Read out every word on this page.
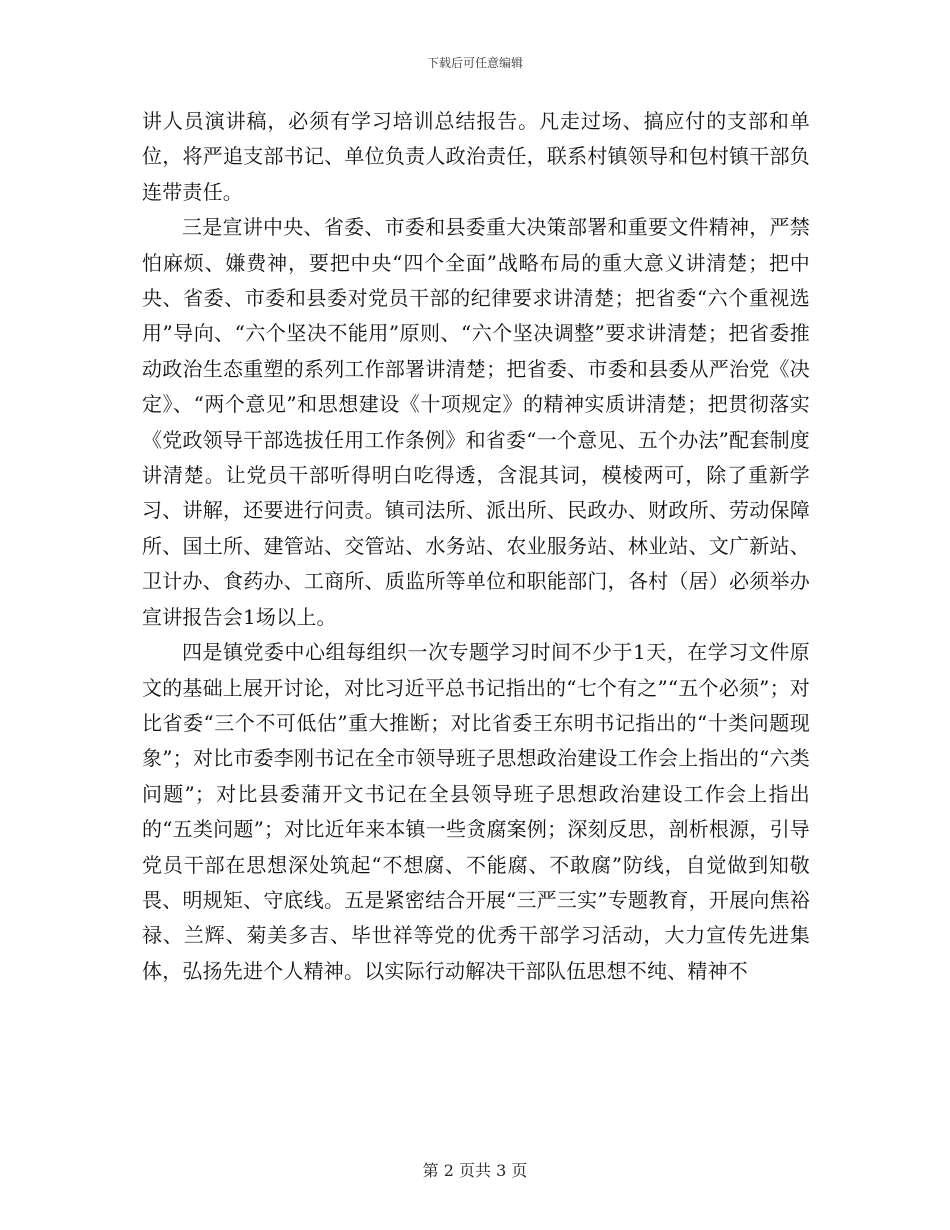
下载后可任意编辑

讲人员演讲稿，必须有学习培训总结报告。凡走过场、搞应付的支部和单位，将严追支部书记、单位负责人政治责任，联系村镇领导和包村镇干部负连带责任。

三是宣讲中央、省委、市委和县委重大决策部署和重要文件精神，严禁怕麻烦、嫌费神，要把中央“四个全面”战略布局的重大意义讲清楚；把中央、省委、市委和县委对党员干部的纪律要求讲清楚；把省委“六个重视选用”导向、“六个坚决不能用”原则、“六个坚决调整”要求讲清楚；把省委推动政治生态重塑的系列工作部署讲清楚；把省委、市委和县委从严治党《决定》、“两个意见”和思想建设《十项规定》的精神实质讲清楚；把贯彻落实《党政领导干部选拔任用工作条例》和省委“一个意见、五个办法”配套制度讲清楚。让党员干部听得明白吃得透，含混其词，模棱两可，除了重新学习、讲解，还要进行问责。镇司法所、派出所、民政办、财政所、劳动保障所、国土所、建管站、交管站、水务站、农业服务站、林业站、文广新站、卫计办、食药办、工商所、质监所等单位和职能部门，各村（居）必须举办宣讲报告会1场以上。

四是镇党委中心组每组织一次专题学习时间不少于1天，在学习文件原文的基础上展开讨论，对比习近平总书记指出的“七个有之”“五个必须”；对比省委“三个不可低估”重大推断；对比省委王东明书记指出的“十类问题现象”；对比市委李刚书记在全市领导班子思想政治建设工作会上指出的“六类问题”；对比县委蒲开文书记在全县领导班子思想政治建设工作会上指出的“五类问题”；对比近年来本镇一些贪腐案例；深刻反思，剖析根源，引导党员干部在思想深处筑起“不想腐、不能腐、不敢腐”防线，自觉做到知敬畏、明规矩、守底线。五是紧密结合开展“三严三实”专题教育，开展向焦裕禄、兰辉、菊美多吉、毕世祥等党的优秀干部学习活动，大力宣传先进集体，弘扬先进个人精神。以实际行动解决干部队伍思想不纯、精神不

第 2 页共 3 页
